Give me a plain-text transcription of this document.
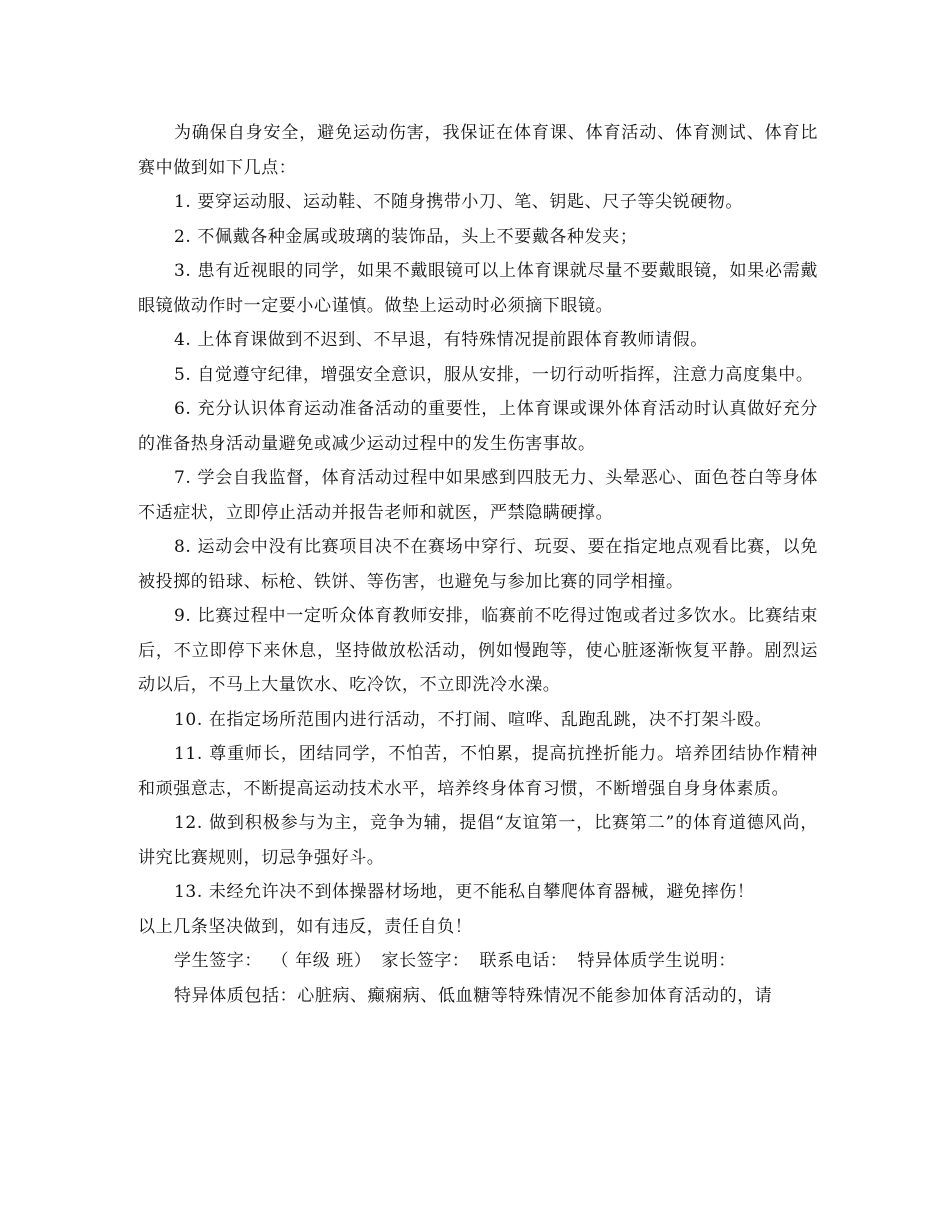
为确保自身安全，避免运动伤害，我保证在体育课、体育活动、体育测试、体育比赛中做到如下几点：

1. 要穿运动服、运动鞋、不随身携带小刀、笔、钥匙、尺子等尖锐硬物。

2. 不佩戴各种金属或玻璃的装饰品，头上不要戴各种发夹；

3. 患有近视眼的同学，如果不戴眼镜可以上体育课就尽量不要戴眼镜，如果必需戴眼镜做动作时一定要小心谨慎。做垫上运动时必须摘下眼镜。

4. 上体育课做到不迟到、不早退，有特殊情况提前跟体育教师请假。

5. 自觉遵守纪律，增强安全意识，服从安排，一切行动听指挥，注意力高度集中。

6. 充分认识体育运动准备活动的重要性，上体育课或课外体育活动时认真做好充分的准备热身活动量避免或减少运动过程中的发生伤害事故。

7. 学会自我监督，体育活动过程中如果感到四肢无力、头晕恶心、面色苍白等身体不适症状，立即停止活动并报告老师和就医，严禁隐瞒硬撑。

8. 运动会中没有比赛项目决不在赛场中穿行、玩耍、要在指定地点观看比赛，以免被投掷的铅球、标枪、铁饼、等伤害，也避免与参加比赛的同学相撞。

9. 比赛过程中一定听众体育教师安排，临赛前不吃得过饱或者过多饮水。比赛结束后，不立即停下来休息，坚持做放松活动，例如慢跑等，使心脏逐渐恢复平静。剧烈运动以后，不马上大量饮水、吃冷饮，不立即洗冷水澡。

10. 在指定场所范围内进行活动，不打闹、喧哗、乱跑乱跳，决不打架斗殴。

11. 尊重师长，团结同学，不怕苦，不怕累，提高抗挫折能力。培养团结协作精神和顽强意志，不断提高运动技术水平，培养终身体育习惯，不断增强自身身体素质。

12. 做到积极参与为主，竞争为辅，提倡“友谊第一，比赛第二”的体育道德风尚，讲究比赛规则，切忌争强好斗。

13. 未经允许决不到体操器材场地，更不能私自攀爬体育器械，避免摔伤！

以上几条坚决做到，如有违反，责任自负！

学生签字： （ 年级 班） 家长签字： 联系电话： 特异体质学生说明：

特异体质包括：心脏病、癫痫病、低血糖等特殊情况不能参加体育活动的，请
